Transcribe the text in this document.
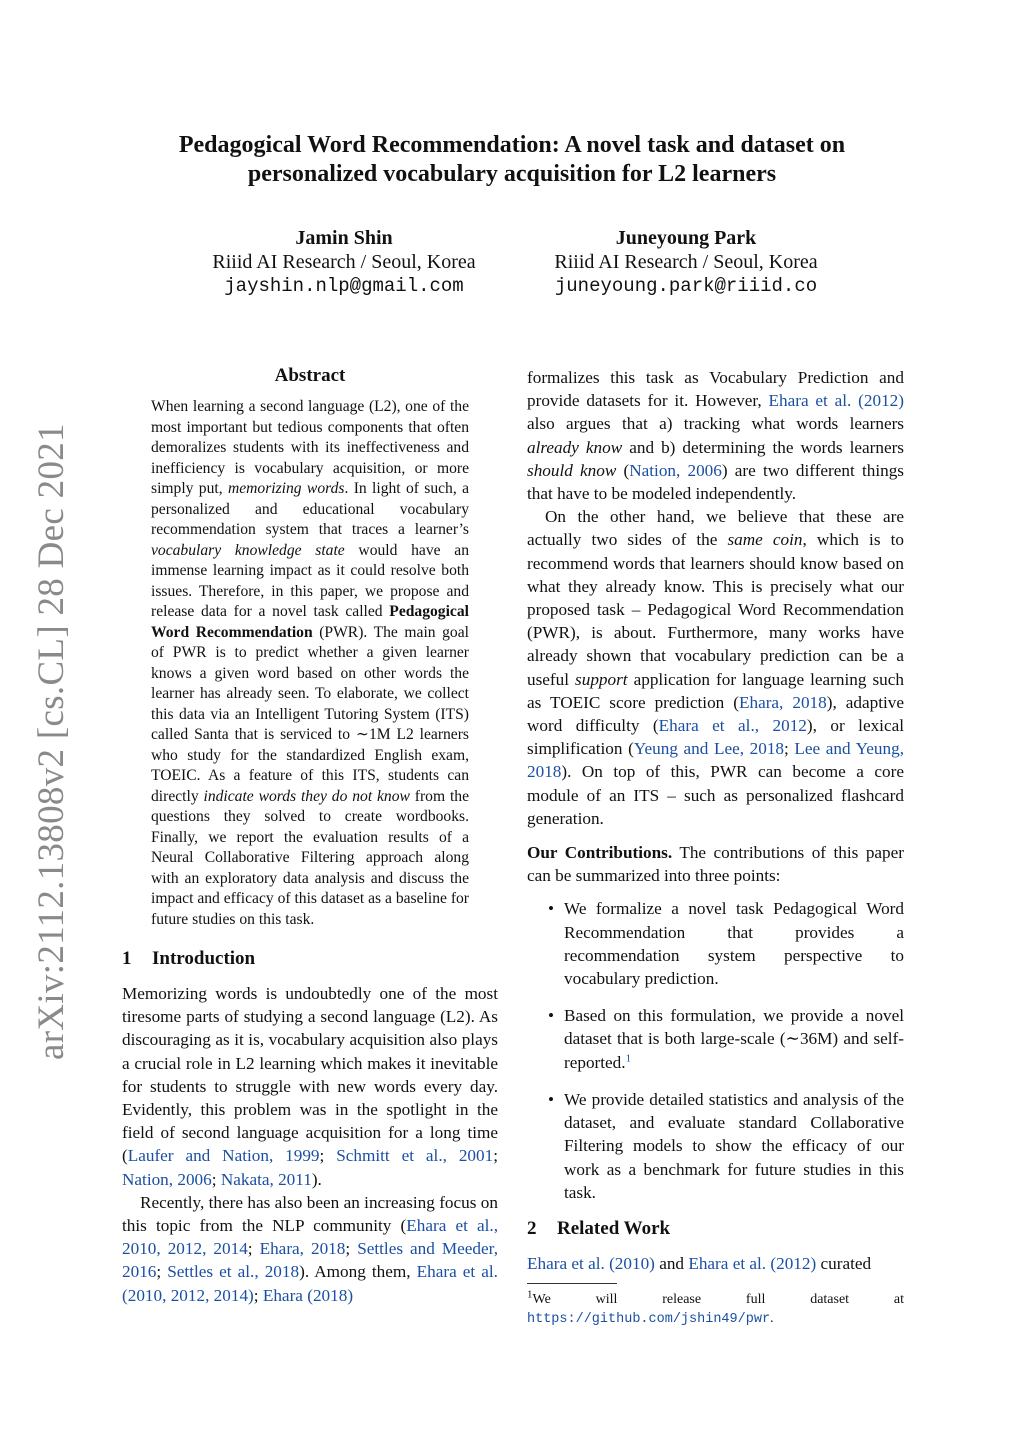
arXiv:2112.13808v2 [cs.CL] 28 Dec 2021
Pedagogical Word Recommendation: A novel task and dataset on
personalized vocabulary acquisition for L2 learners
Jamin Shin
Riiid AI Research / Seoul, Korea
jayshin.nlp@gmail.com
Juneyoung Park
Riiid AI Research / Seoul, Korea
juneyoung.park@riiid.co
Abstract
When learning a second language (L2), one of the most important but tedious components that often demoralizes students with its ineffectiveness and inefficiency is vocabulary acquisition, or more simply put, memorizing words. In light of such, a personalized and educational vocabulary recommendation system that traces a learner’s vocabulary knowledge state would have an immense learning impact as it could resolve both issues. Therefore, in this paper, we propose and release data for a novel task called Pedagogical Word Recommendation (PWR). The main goal of PWR is to predict whether a given learner knows a given word based on other words the learner has already seen. To elaborate, we collect this data via an Intelligent Tutoring System (ITS) called Santa that is serviced to ∼1M L2 learners who study for the standardized English exam, TOEIC. As a feature of this ITS, students can directly indicate words they do not know from the questions they solved to create wordbooks. Finally, we report the evaluation results of a Neural Collaborative Filtering approach along with an exploratory data analysis and discuss the impact and efficacy of this dataset as a baseline for future studies on this task.
1 Introduction

Memorizing words is undoubtedly one of the most tiresome parts of studying a second language (L2). As discouraging as it is, vocabulary acquisition also plays a crucial role in L2 learning which makes it inevitable for students to struggle with new words every day. Evidently, this problem was in the spotlight in the field of second language acquisition for a long time (Laufer and Nation, 1999; Schmitt et al., 2001; Nation, 2006; Nakata, 2011).

Recently, there has also been an increasing focus on this topic from the NLP community (Ehara et al., 2010, 2012, 2014; Ehara, 2018; Settles and Meeder, 2016; Settles et al., 2018). Among them, Ehara et al. (2010, 2012, 2014); Ehara (2018)

formalizes this task as Vocabulary Prediction and provide datasets for it. However, Ehara et al. (2012) also argues that a) tracking what words learners already know and b) determining the words learners should know (Nation, 2006) are two different things that have to be modeled independently.

On the other hand, we believe that these are actually two sides of the same coin, which is to recommend words that learners should know based on what they already know. This is precisely what our proposed task – Pedagogical Word Recommendation (PWR), is about. Furthermore, many works have already shown that vocabulary prediction can be a useful support application for language learning such as TOEIC score prediction (Ehara, 2018), adaptive word difficulty (Ehara et al., 2012), or lexical simplification (Yeung and Lee, 2018; Lee and Yeung, 2018). On top of this, PWR can become a core module of an ITS – such as personalized flashcard generation.

Our Contributions. The contributions of this paper can be summarized into three points:

• We formalize a novel task Pedagogical Word Recommendation that provides a recommendation system perspective to vocabulary prediction.
• Based on this formulation, we provide a novel dataset that is both large-scale (∼36M) and self-reported.$^1$
• We provide detailed statistics and analysis of the dataset, and evaluate standard Collaborative Filtering models to show the efficacy of our work as a benchmark for future studies in this task.
2 Related Work

Ehara et al. (2010) and Ehara et al. (2012) curated

$^1$We will release full dataset at https://github.com/jshin49/pwr.
